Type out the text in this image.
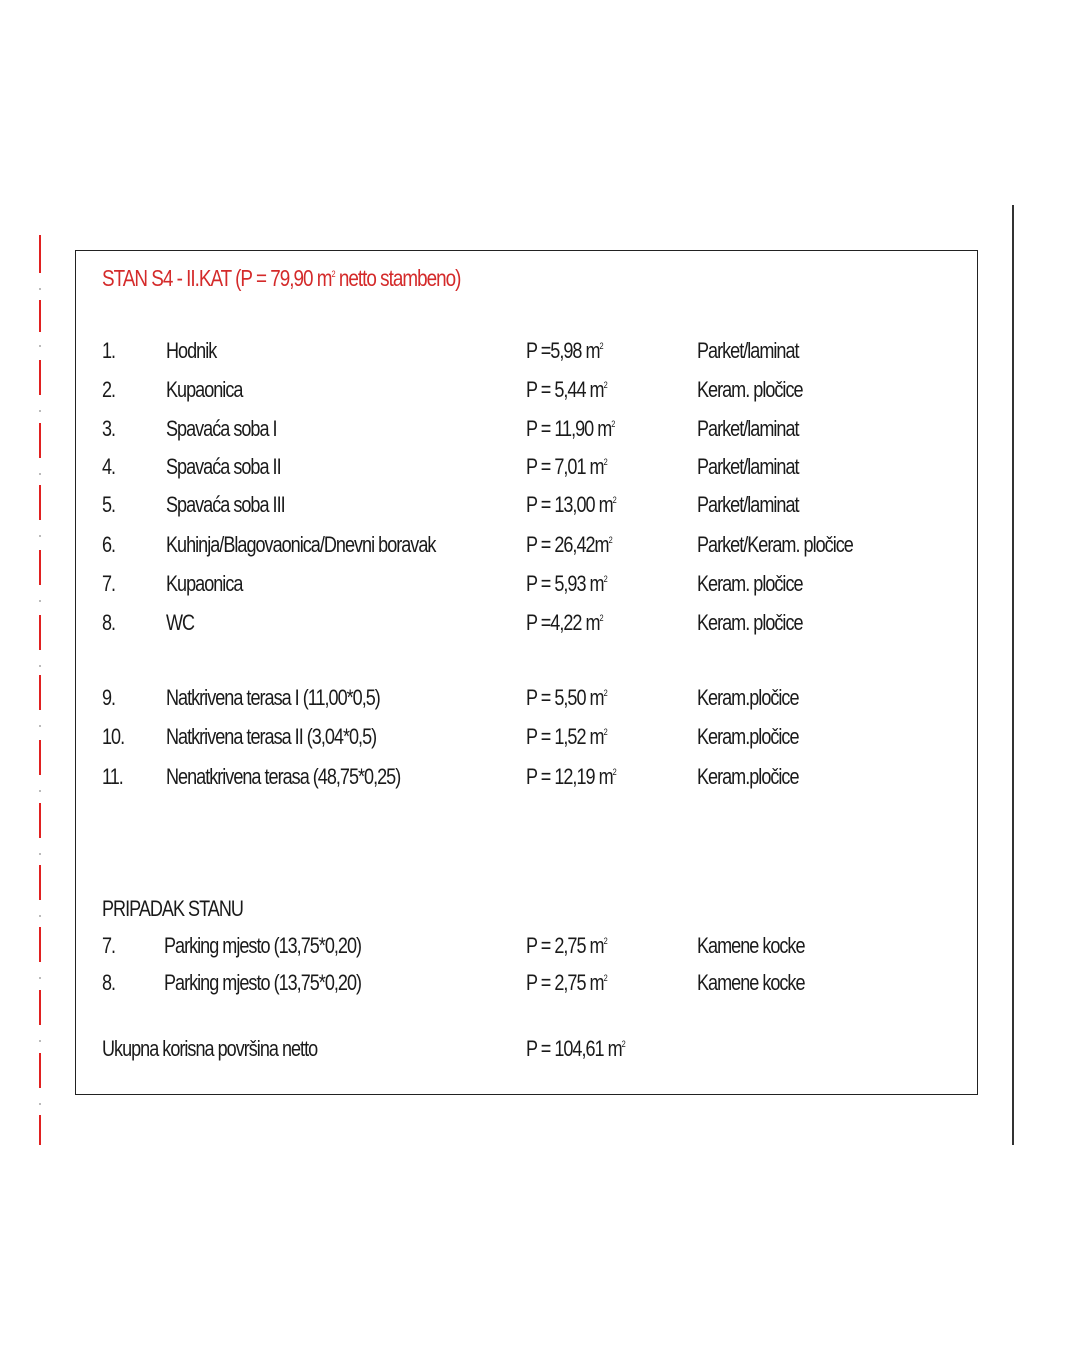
STAN S4 - II.KAT (P = 79,90 $m^2$ netto stambeno)
1. Hodnik	P =5,98 $m^2$	Parket/laminat
2. Kupaonica	P = 5,44 $m^2$	Keram. pločice
3. Spavaća soba I	P = 11,90 $m^2$	Parket/laminat
4. Spavaća soba II	P = 7,01 $m^2$	Parket/laminat
5. Spavaća soba III	P = 13,00 $m^2$	Parket/laminat
6. Kuhinja/Blagovaonica/Dnevni boravak	$P = 26,42m^2$	Parket/Keram. pločice
7. Kupaonica	P = 5,93 $m^2$	Keram. pločice
8. WC	P =4,22 $m^2$	Keram. pločice
9. Natkrivena terasa I (11,00*0,5)	P = 5,50 $m^2$	Keram.pločice
10. Natkrivena terasa II (3,04*0,5)	P = 1,52 $m^2$	Keram.pločice
11. Nenatkrivena terasa (48,75*0,25)	P = 12,19 $m^2$	Keram.pločice
PRIPADAK STANU
7. Parking mjesto (13,75*0,20)	P = 2,75 $m^2$	Kamene kocke
8. Parking mjesto (13,75*0,20)	P = 2,75 $m^2$	Kamene kocke
Ukupna korisna površina netto	P = 104,61 $m^2$
